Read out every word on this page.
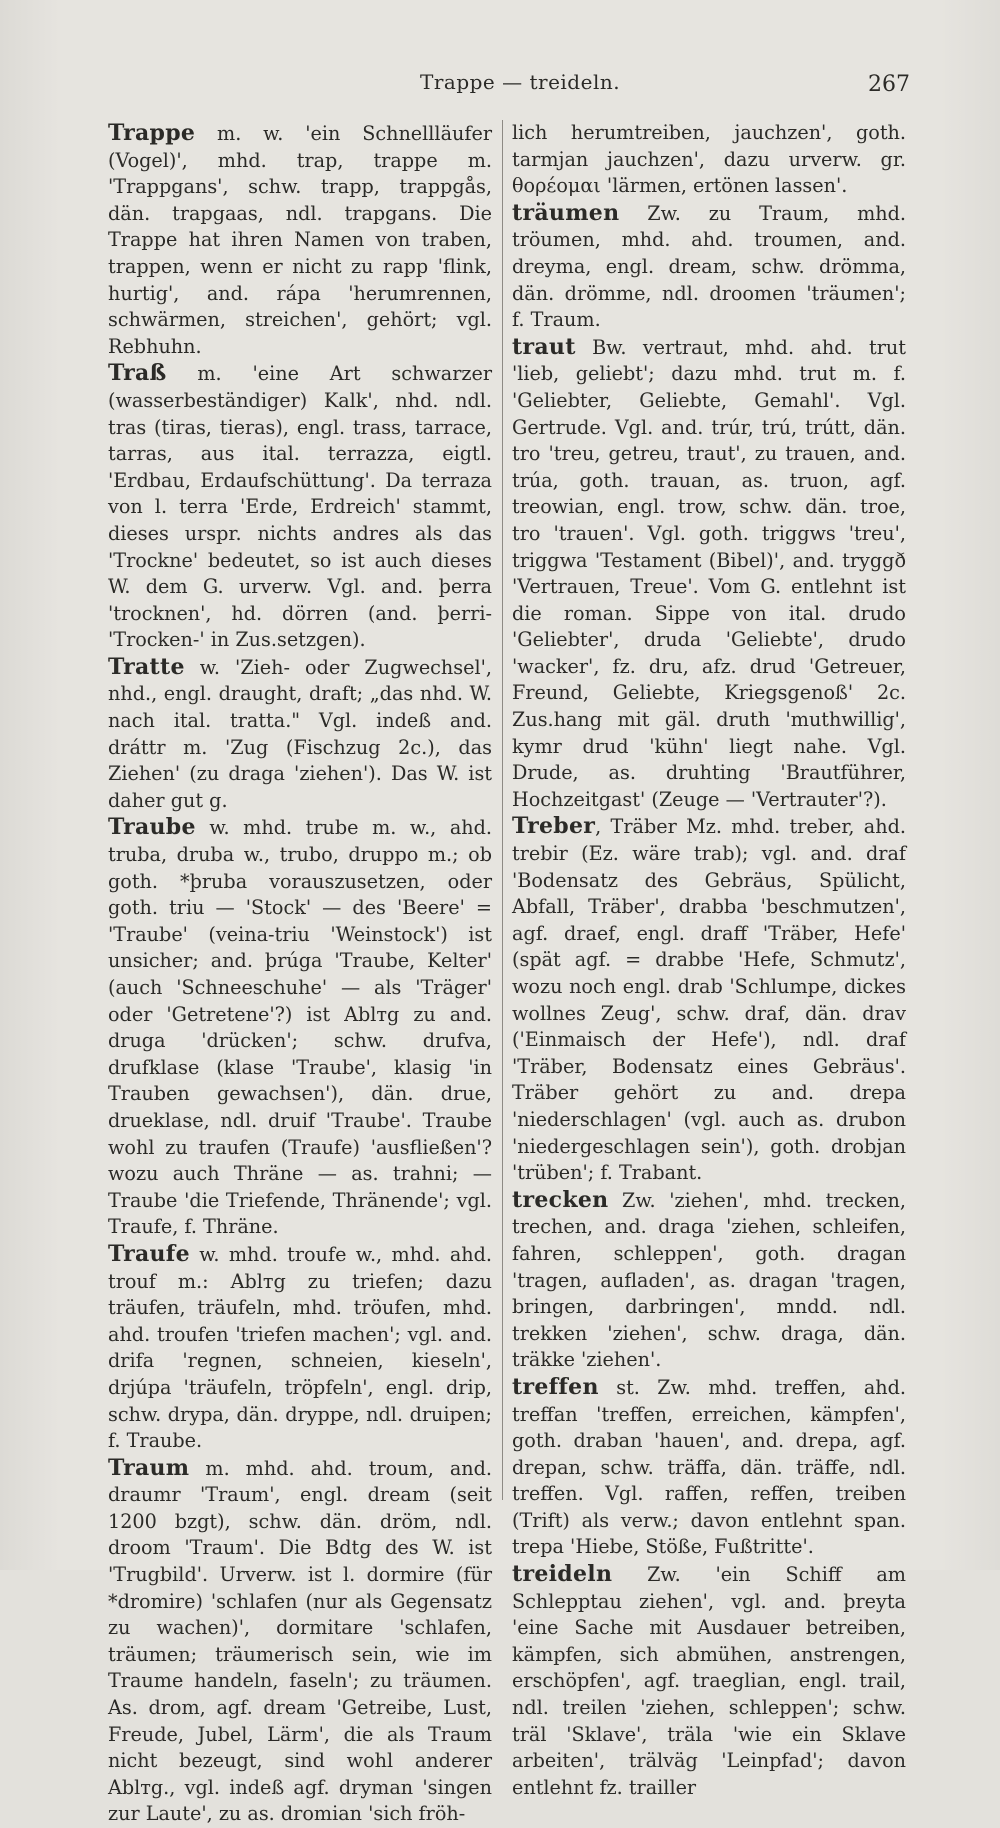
Trappe — treideln.	267

Trappe m. w. 'ein Schnellläufer (Vogel)', mhd. trap, trappe m. 'Trappgans', schw. trapp, trappgås, dän. trapgaas, ndl. trapgans. Die Trappe hat ihren Namen von traben, trappen, wenn er nicht zu rapp 'flink, hurtig', and. rápa 'herumrennen, schwärmen, streichen', gehört; vgl. Rebhuhn.

Traß m. 'eine Art schwarzer (wasserbeständiger) Kalk', nhd. ndl. tras (tiras, tieras), engl. trass, tarrace, tarras, aus ital. terrazza, eigtl. 'Erdbau, Erdaufschüttung'. Da terraza von l. terra 'Erde, Erdreich' stammt, dieses urspr. nichts andres als das 'Trockne' bedeutet, so ist auch dieses W. dem G. urverw. Vgl. and. þerra 'trocknen', hd. dörren (and. þerri- 'Trocken-' in Zus.setzgen).

Tratte w. 'Zieh- oder Zugwechsel', nhd., engl. draught, draft; „das nhd. W. nach ital. tratta." Vgl. indeß and. dráttr m. 'Zug (Fischzug 2c.), das Ziehen' (zu draga 'ziehen'). Das W. ist daher gut g.

Traube w. mhd. trube m. w., ahd. truba, druba w., trubo, druppo m.; ob goth. *þruba vorauszusetzen, oder goth. triu — 'Stock' — des 'Beere' = 'Traube' (veina-triu 'Weinstock') ist unsicher; and. þrúga 'Traube, Kelter' (auch 'Schneeschuhe' — als 'Träger' oder 'Getretene'?) ist Ablтg zu and. druga 'drücken'; schw. drufva, drufklase (klase 'Traube', klasig 'in Trauben gewachsen'), dän. drue, drueklase, ndl. druif 'Traube'. Traube wohl zu traufen (Traufe) 'ausfließen'? wozu auch Thräne — as. trahni; — Traube 'die Triefende, Thränende'; vgl. Traufe, f. Thräne.

Traufe w. mhd. troufe w., mhd. ahd. trouf m.: Ablтg zu triefen; dazu träufen, träufeln, mhd. tröufen, mhd. ahd. troufen 'triefen machen'; vgl. and. drifa 'regnen, schneien, kieseln', drjúpa 'träufeln, tröpfeln', engl. drip, schw. drypa, dän. dryppe, ndl. druipen; f. Traube.

Traum m. mhd. ahd. troum, and. draumr 'Traum', engl. dream (seit 1200 bzgt), schw. dän. dröm, ndl. droom 'Traum'. Die Bdtg des W. ist 'Trugbild'. Urverw. ist l. dormire (für *dromire) 'schlafen (nur als Gegensatz zu wachen)', dormitare 'schlafen, träumen; träumerisch sein, wie im Traume handeln, faseln'; zu träumen. As. drom, agf. dream 'Getreibe, Lust, Freude, Jubel, Lärm', die als Traum nicht bezeugt, sind wohl anderer Ablтg., vgl. indeß agf. dryman 'singen zur Laute', zu as. dromian 'sich fröh-

lich herumtreiben, jauchzen', goth. tarmjan jauchzen', dazu urverw. gr. θορέομαι 'lärmen, ertönen lassen'.

träumen Zw. zu Traum, mhd. tröumen, mhd. ahd. troumen, and. dreyma, engl. dream, schw. drömma, dän. drömme, ndl. droomen 'träumen'; f. Traum.

traut Bw. vertraut, mhd. ahd. trut 'lieb, geliebt'; dazu mhd. trut m. f. 'Geliebter, Geliebte, Gemahl'. Vgl. Gertrude. Vgl. and. trúr, trú, trútt, dän. tro 'treu, getreu, traut', zu trauen, and. trúa, goth. trauan, as. truon, agf. treowian, engl. trow, schw. dän. troe, tro 'trauen'. Vgl. goth. triggws 'treu', triggwa 'Testament (Bibel)', and. tryggð 'Vertrauen, Treue'. Vom G. entlehnt ist die roman. Sippe von ital. drudo 'Geliebter', druda 'Geliebte', drudo 'wacker', fz. dru, afz. drud 'Getreuer, Freund, Geliebte, Kriegsgenoß' 2c. Zus.hang mit gäl. druth 'muthwillig', kymr drud 'kühn' liegt nahe. Vgl. Drude, as. druhting 'Brautführer, Hochzeitgast' (Zeuge — 'Vertrauter'?).

Treber, Träber Mz. mhd. treber, ahd. trebir (Ez. wäre trab); vgl. and. draf 'Bodensatz des Gebräus, Spülicht, Abfall, Träber', drabba 'beschmutzen', agf. draef, engl. draff 'Träber, Hefe' (spät agf. = drabbe 'Hefe, Schmutz', wozu noch engl. drab 'Schlumpe, dickes wollnes Zeug', schw. draf, dän. drav ('Einmaisch der Hefe'), ndl. draf 'Träber, Bodensatz eines Gebräus'. Träber gehört zu and. drepa 'niederschlagen' (vgl. auch as. drubon 'niedergeschlagen sein'), goth. drobjan 'trüben'; f. Trabant.

trecken Zw. 'ziehen', mhd. trecken, trechen, and. draga 'ziehen, schleifen, fahren, schleppen', goth. dragan 'tragen, aufladen', as. dragan 'tragen, bringen, darbringen', mndd. ndl. trekken 'ziehen', schw. draga, dän. träkke 'ziehen'.

treffen st. Zw. mhd. treffen, ahd. treffan 'treffen, erreichen, kämpfen', goth. draban 'hauen', and. drepa, agf. drepan, schw. träffa, dän. träffe, ndl. treffen. Vgl. raffen, reffen, treiben (Trift) als verw.; davon entlehnt span. trepa 'Hiebe, Stöße, Fußtritte'.

treideln Zw. 'ein Schiff am Schlepptau ziehen', vgl. and. þreyta 'eine Sache mit Ausdauer betreiben, kämpfen, sich abmühen, anstrengen, erschöpfen', agf. traeglian, engl. trail, ndl. treilen 'ziehen, schleppen'; schw. träl 'Sklave', träla 'wie ein Sklave arbeiten', trälväg 'Leinpfad'; davon entlehnt fz. trailler
